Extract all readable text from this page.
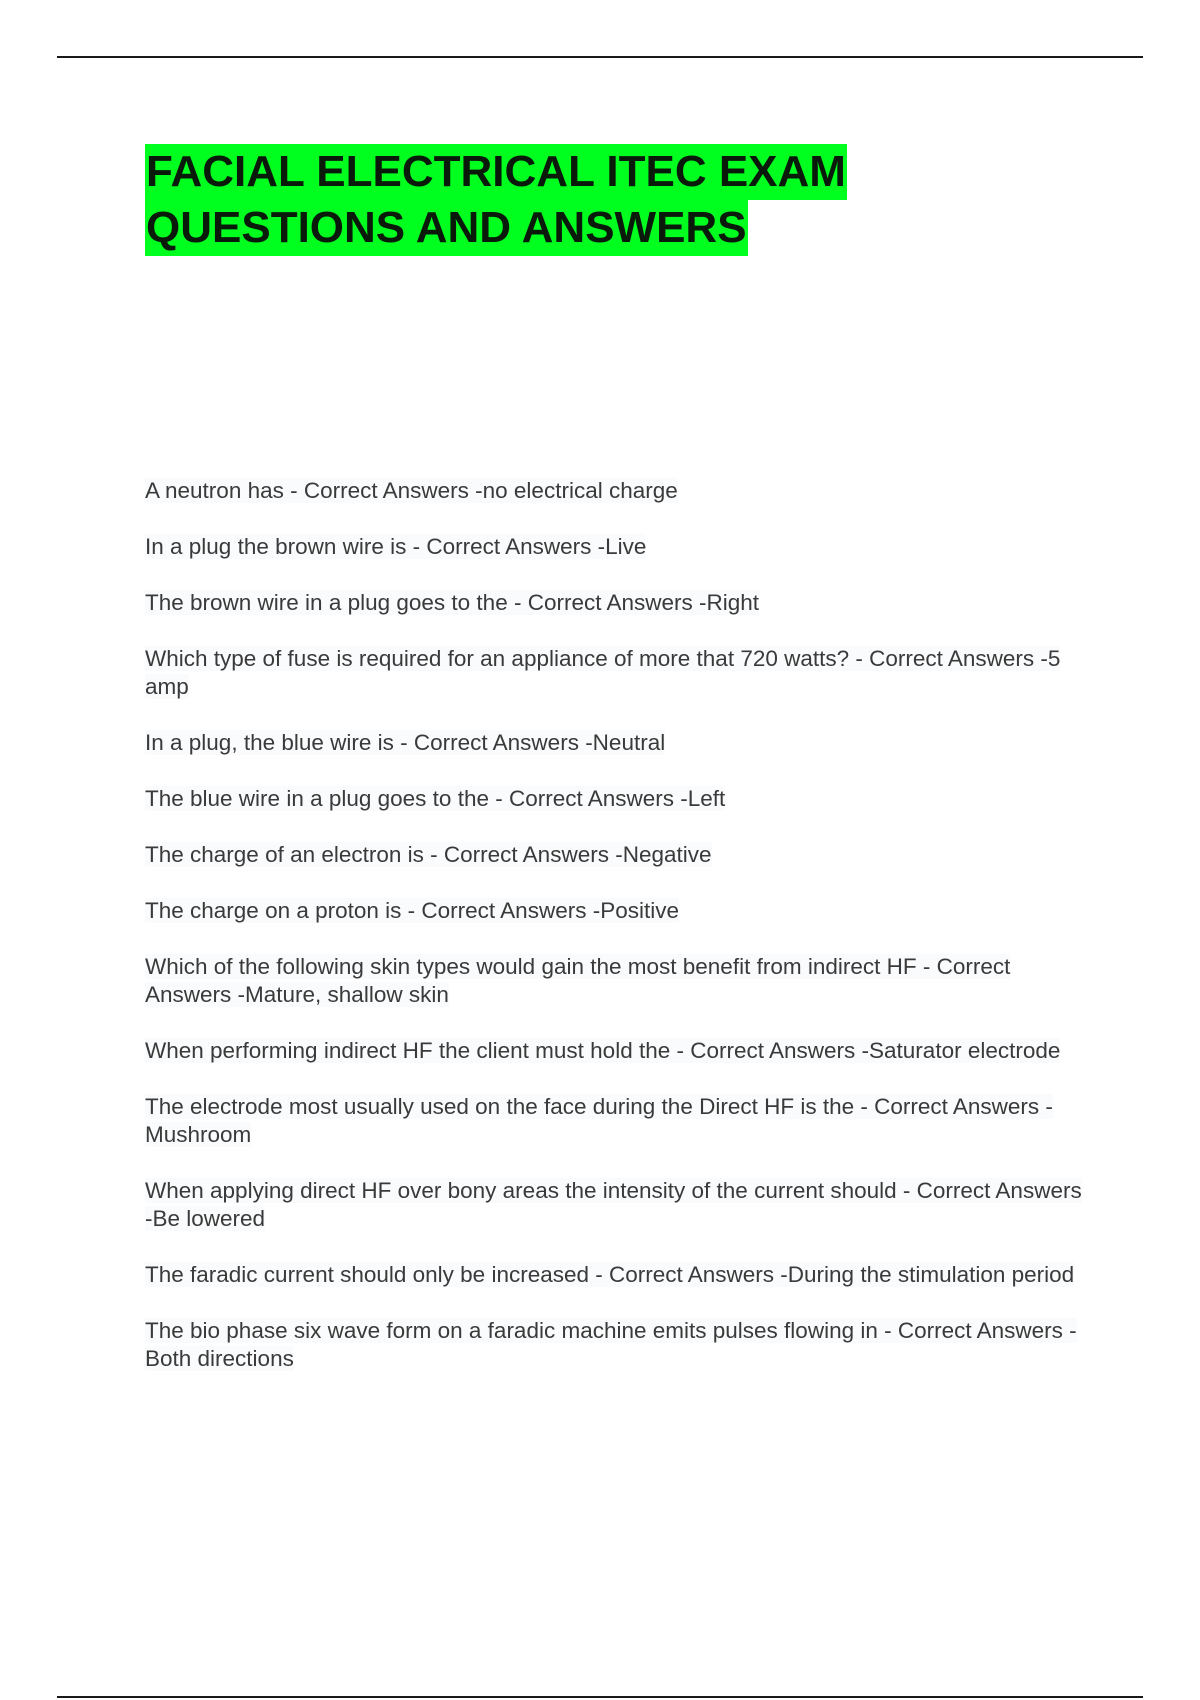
FACIAL ELECTRICAL ITEC EXAM
QUESTIONS AND ANSWERS
A neutron has - Correct Answers -no electrical charge
In a plug the brown wire is - Correct Answers -Live
The brown wire in a plug goes to the - Correct Answers -Right
Which type of fuse is required for an appliance of more that 720 watts? - Correct Answers -5 amp
In a plug, the blue wire is - Correct Answers -Neutral
The blue wire in a plug goes to the - Correct Answers -Left
The charge of an electron is - Correct Answers -Negative
The charge on a proton is - Correct Answers -Positive
Which of the following skin types would gain the most benefit from indirect HF - Correct Answers -Mature, shallow skin
When performing indirect HF the client must hold the - Correct Answers -Saturator electrode
The electrode most usually used on the face during the Direct HF is the - Correct Answers -Mushroom
When applying direct HF over bony areas the intensity of the current should - Correct Answers -Be lowered
The faradic current should only be increased - Correct Answers -During the stimulation period
The bio phase six wave form on a faradic machine emits pulses flowing in - Correct Answers -Both directions
